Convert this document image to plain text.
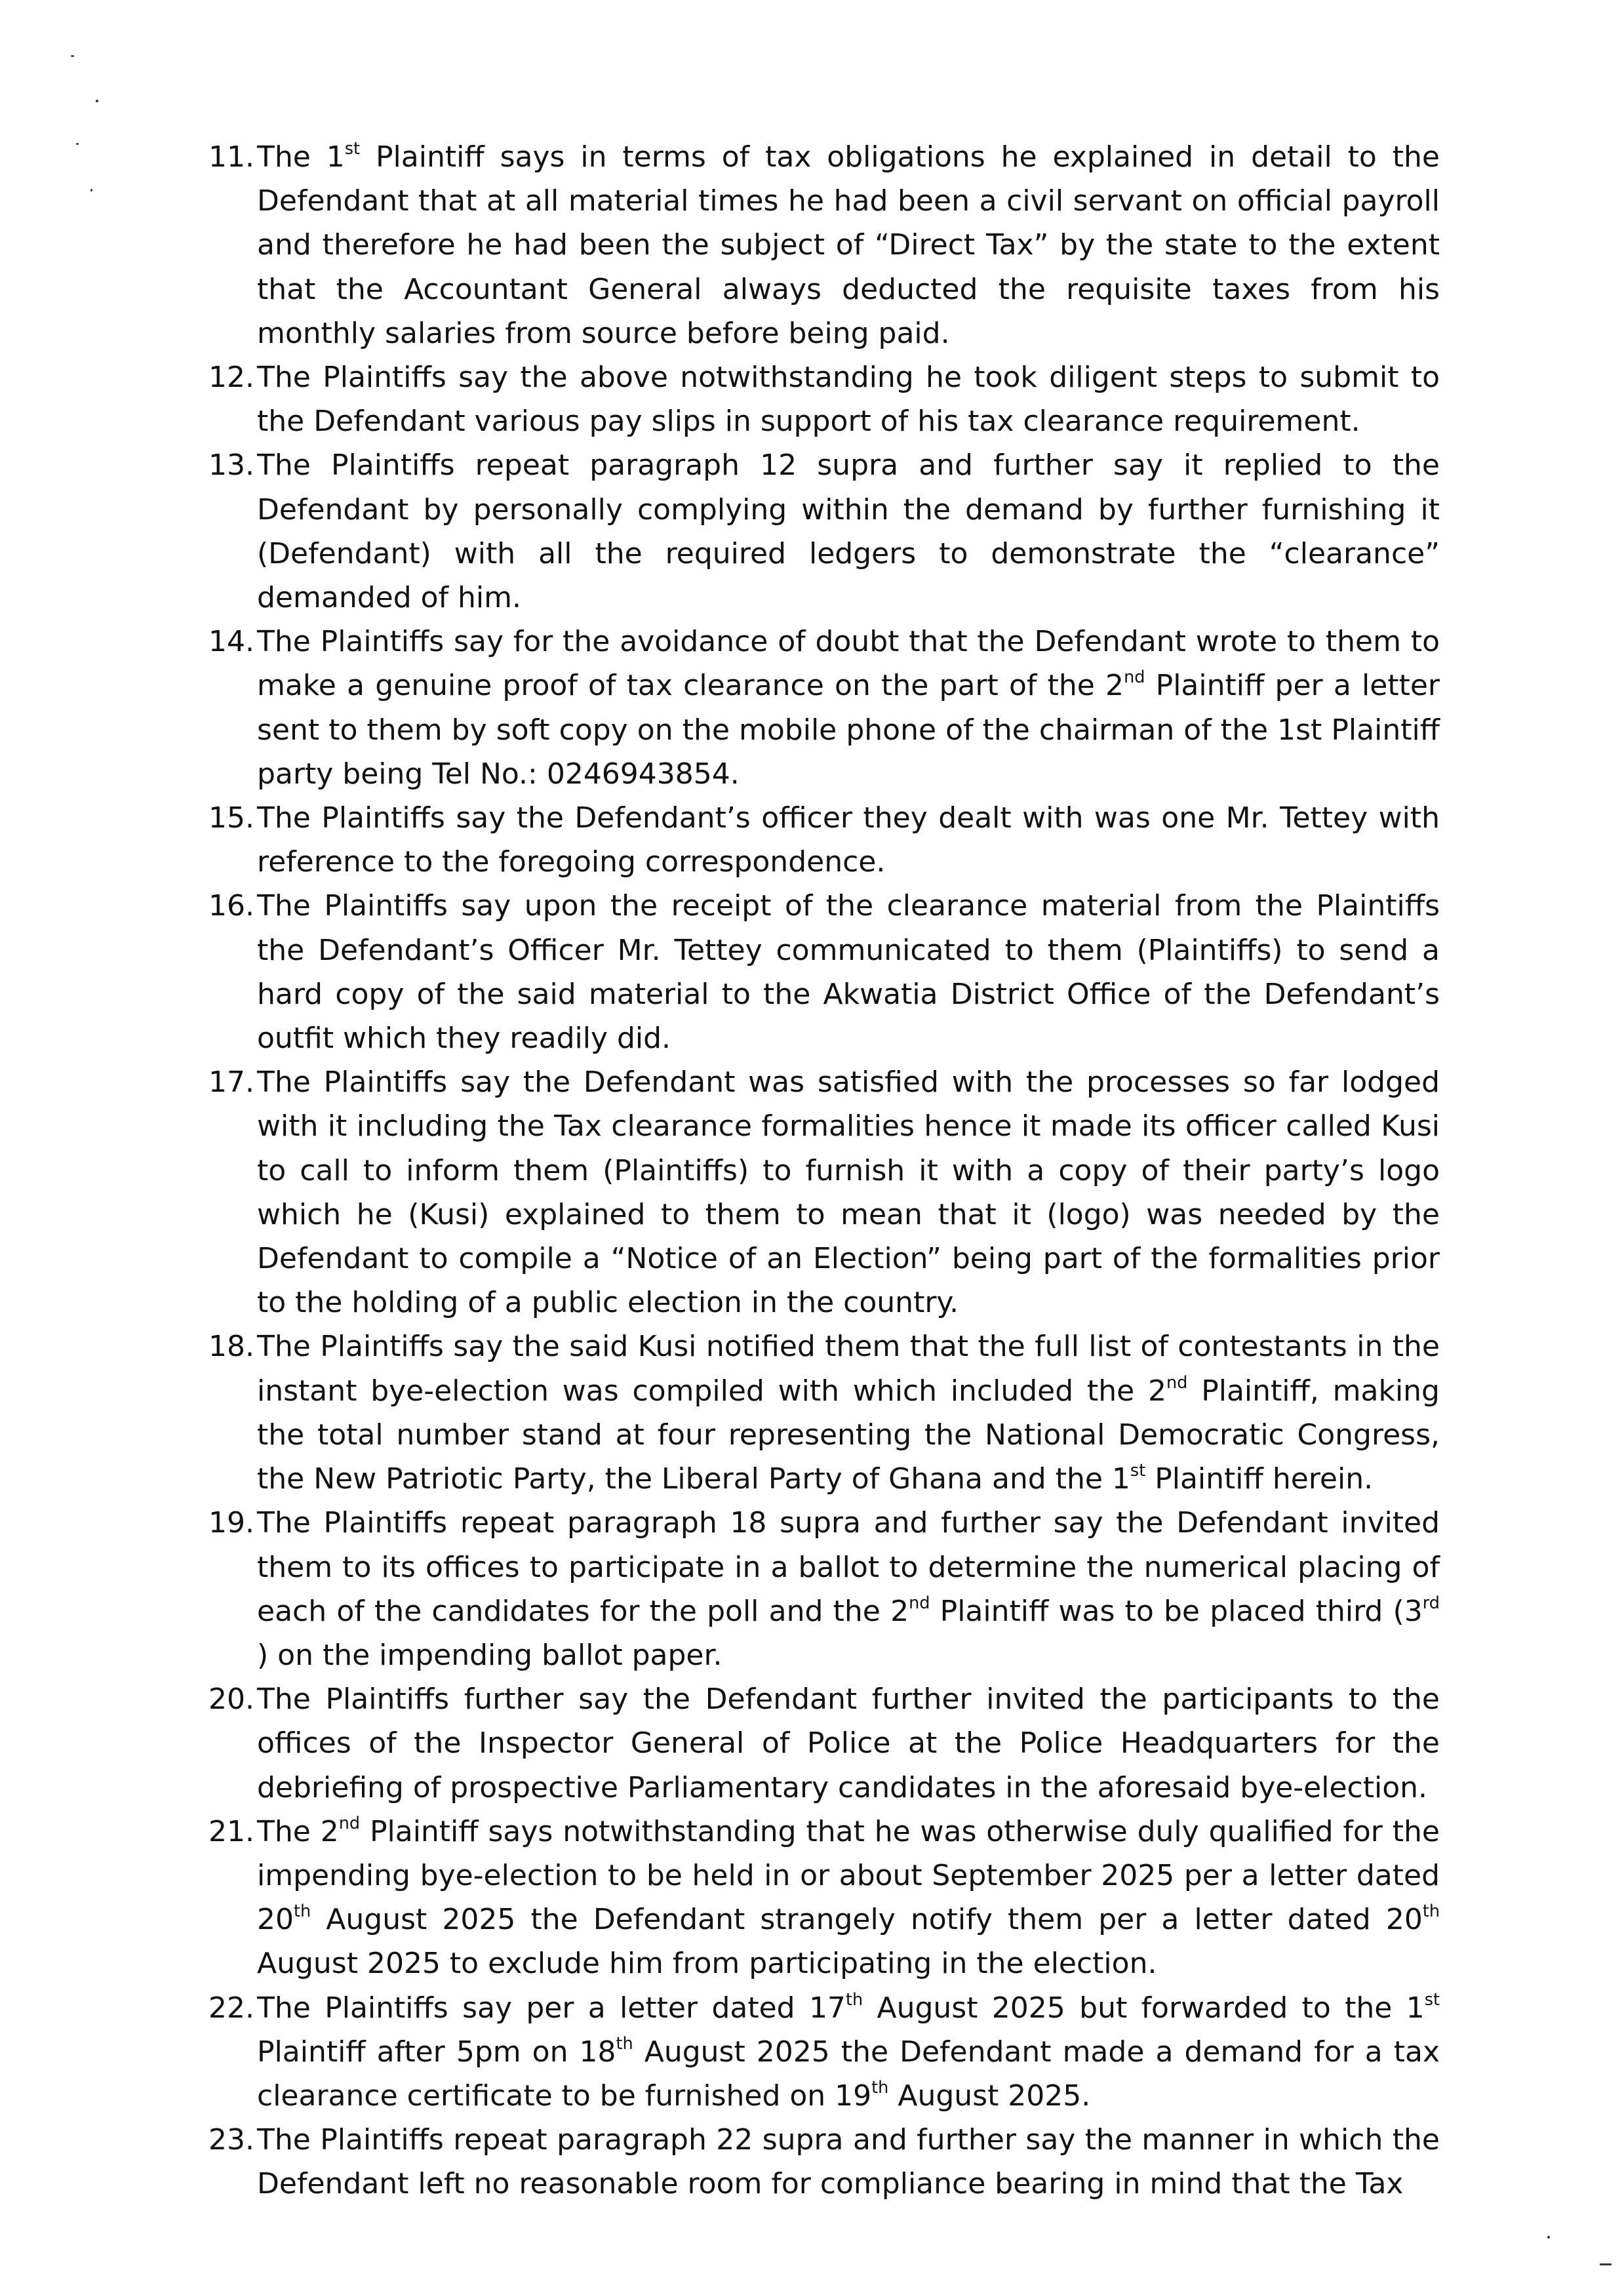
11. The 1st Plaintiff says in terms of tax obligations he explained in detail to the Defendant that at all material times he had been a civil servant on official payroll and therefore he had been the subject of “Direct Tax” by the state to the extent that the Accountant General always deducted the requisite taxes from his monthly salaries from source before being paid.
12. The Plaintiffs say the above notwithstanding he took diligent steps to submit to the Defendant various pay slips in support of his tax clearance requirement.
13. The Plaintiffs repeat paragraph 12 supra and further say it replied to the Defendant by personally complying within the demand by further furnishing it (Defendant) with all the required ledgers to demonstrate the “clearance” demanded of him.
14. The Plaintiffs say for the avoidance of doubt that the Defendant wrote to them to make a genuine proof of tax clearance on the part of the 2nd Plaintiff per a letter sent to them by soft copy on the mobile phone of the chairman of the 1st Plaintiff party being Tel No.: 0246943854.
15. The Plaintiffs say the Defendant’s officer they dealt with was one Mr. Tettey with reference to the foregoing correspondence.
16. The Plaintiffs say upon the receipt of the clearance material from the Plaintiffs the Defendant’s Officer Mr. Tettey communicated to them (Plaintiffs) to send a hard copy of the said material to the Akwatia District Office of the Defendant’s outfit which they readily did.
17. The Plaintiffs say the Defendant was satisfied with the processes so far lodged with it including the Tax clearance formalities hence it made its officer called Kusi to call to inform them (Plaintiffs) to furnish it with a copy of their party’s logo which he (Kusi) explained to them to mean that it (logo) was needed by the Defendant to compile a “Notice of an Election” being part of the formalities prior to the holding of a public election in the country.
18. The Plaintiffs say the said Kusi notified them that the full list of contestants in the instant bye-election was compiled with which included the 2nd Plaintiff, making the total number stand at four representing the National Democratic Congress, the New Patriotic Party, the Liberal Party of Ghana and the 1st Plaintiff herein.
19. The Plaintiffs repeat paragraph 18 supra and further say the Defendant invited them to its offices to participate in a ballot to determine the numerical placing of each of the candidates for the poll and the 2nd Plaintiff was to be placed third (3rd ) on the impending ballot paper.
20. The Plaintiffs further say the Defendant further invited the participants to the offices of the Inspector General of Police at the Police Headquarters for the debriefing of prospective Parliamentary candidates in the aforesaid bye-election.
21. The 2nd Plaintiff says notwithstanding that he was otherwise duly qualified for the impending bye-election to be held in or about September 2025 per a letter dated 20th August 2025 the Defendant strangely notify them per a letter dated 20th August 2025 to exclude him from participating in the election.
22. The Plaintiffs say per a letter dated 17th August 2025 but forwarded to the 1st Plaintiff after 5pm on 18th August 2025 the Defendant made a demand for a tax clearance certificate to be furnished on 19th August 2025.
23. The Plaintiffs repeat paragraph 22 supra and further say the manner in which the Defendant left no reasonable room for compliance bearing in mind that the Tax
